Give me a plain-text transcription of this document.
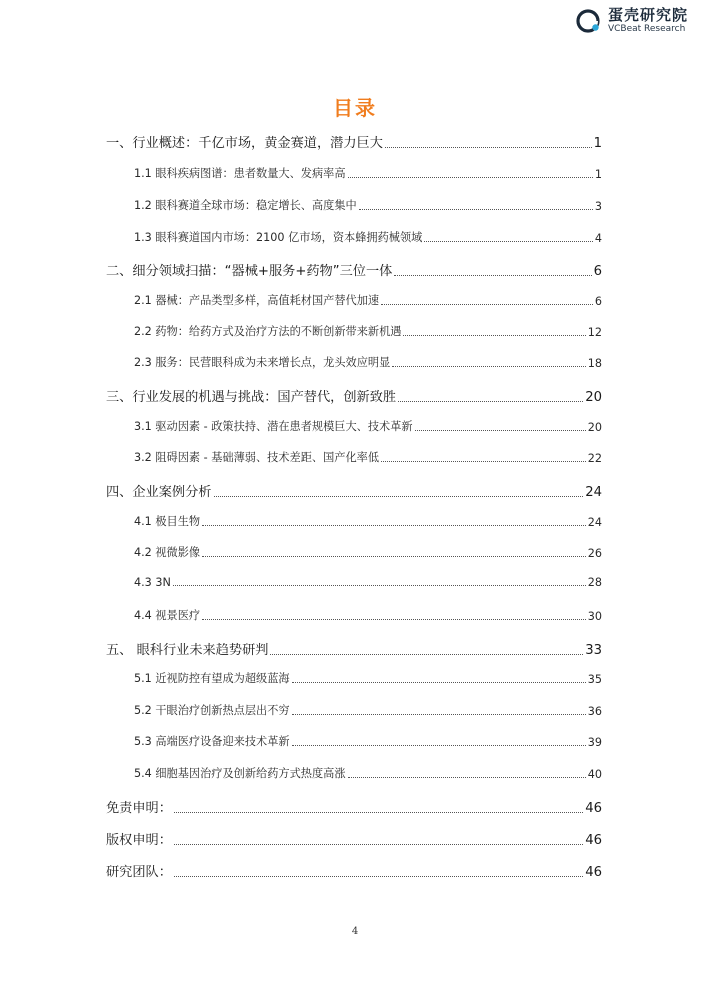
蛋壳研究院
VCBeat Research
目录
一、行业概述：千亿市场，黄金赛道，潜力巨大	1
1.1 眼科疾病图谱：患者数量大、发病率高	1
1.2 眼科赛道全球市场：稳定增长、高度集中	3
1.3 眼科赛道国内市场：2100 亿市场，资本蜂拥药械领域	4
二、细分领域扫描：“器械+服务+药物”三位一体	6
2.1 器械：产品类型多样，高值耗材国产替代加速	6
2.2 药物：给药方式及治疗方法的不断创新带来新机遇	12
2.3 服务：民营眼科成为未来增长点，龙头效应明显	18
三、行业发展的机遇与挑战：国产替代，创新致胜	20
3.1 驱动因素 - 政策扶持、潜在患者规模巨大、技术革新	20
3.2 阻碍因素 - 基础薄弱、技术差距、国产化率低	22
四、企业案例分析	24
4.1 极目生物	24
4.2 视微影像	26
4.3 3N	28
4.4 视景医疗	30
五、 眼科行业未来趋势研判	33
5.1 近视防控有望成为超级蓝海	35
5.2 干眼治疗创新热点层出不穷	36
5.3 高端医疗设备迎来技术革新	39
5.4 细胞基因治疗及创新给药方式热度高涨	40
免责申明：	46
版权申明：	46
研究团队：	46
4
